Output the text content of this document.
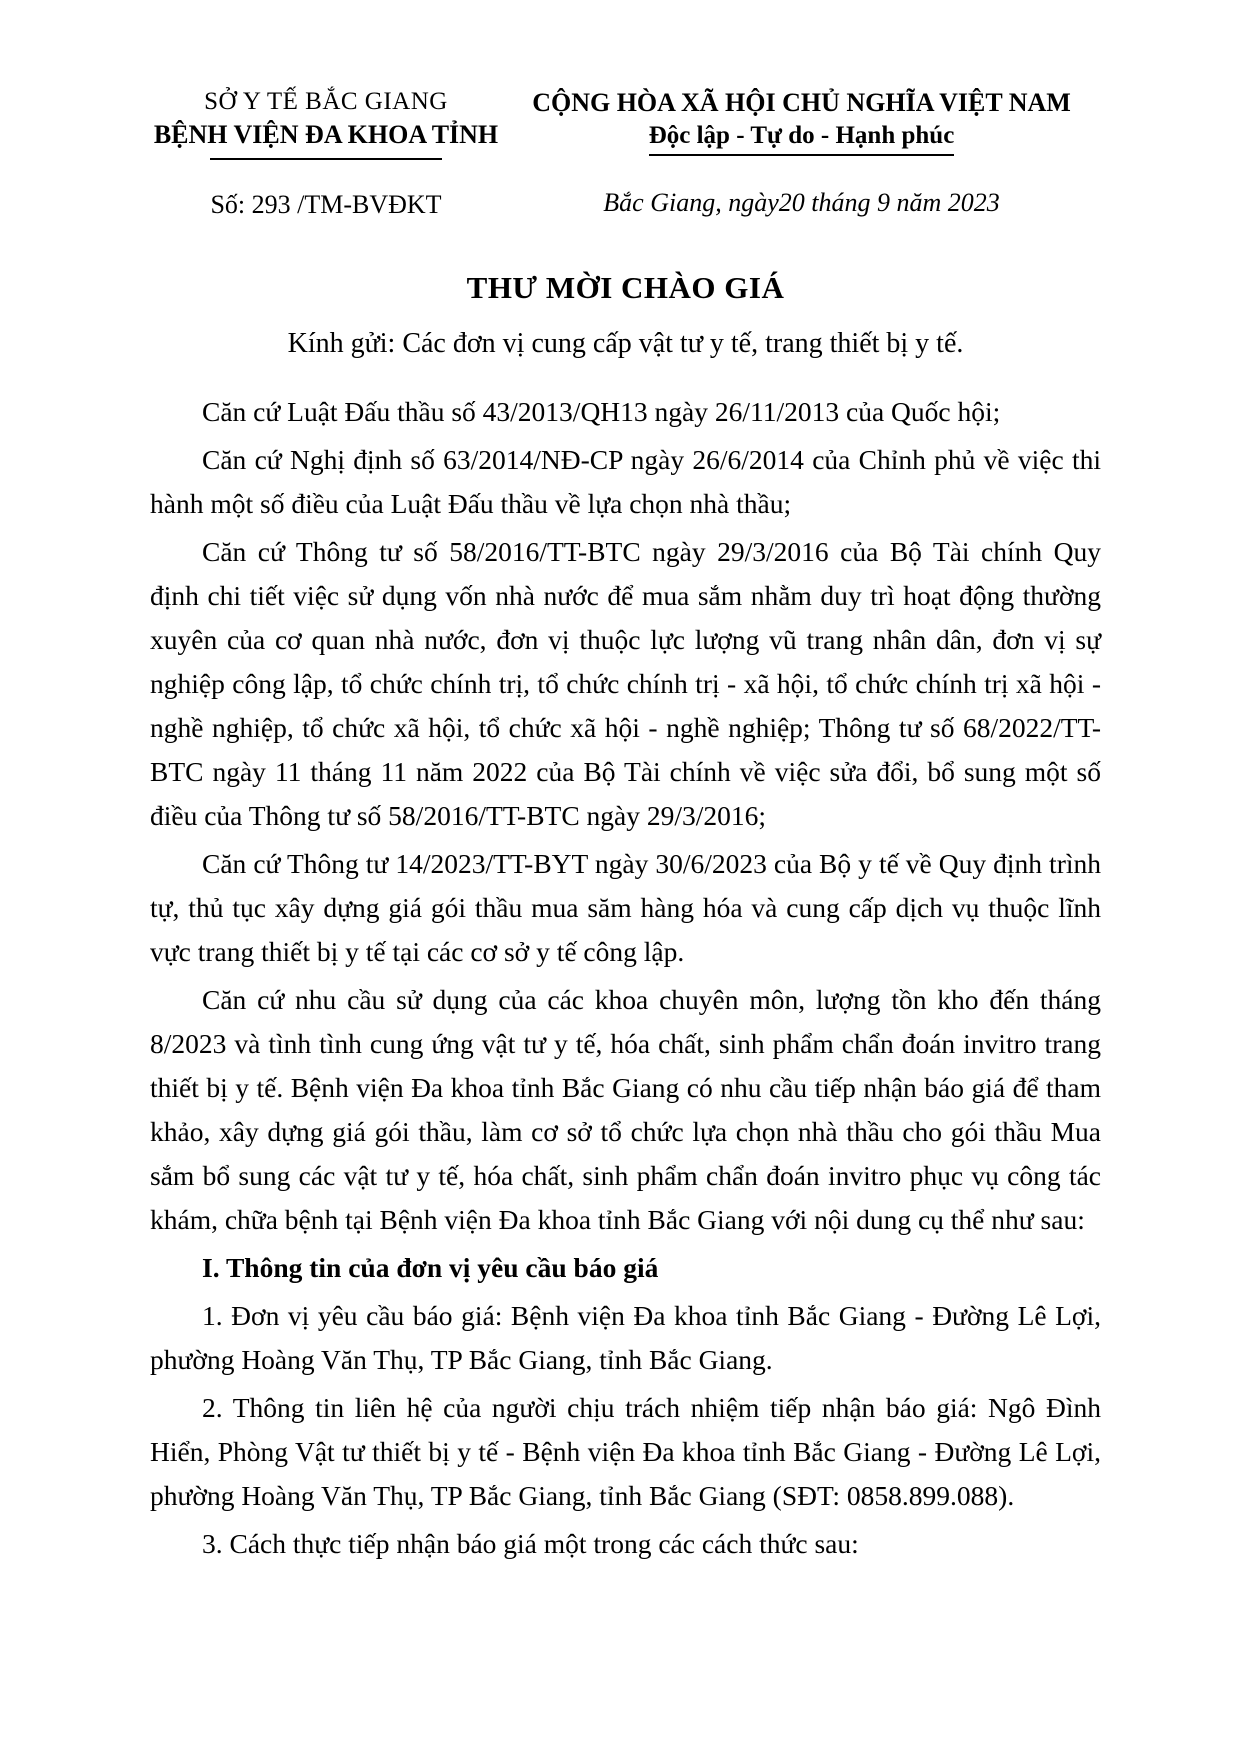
SỞ Y TẾ BẮC GIANG
BỆNH VIỆN ĐA KHOA TỈNH
Số: 293 /TM-BVĐKT
CỘNG HÒA XÃ HỘI CHỦ NGHĨA VIỆT NAM
Độc lập - Tự do - Hạnh phúc
Bắc Giang, ngày20 tháng 9 năm 2023
THƯ MỜI CHÀO GIÁ

Kính gửi: Các đơn vị cung cấp vật tư y tế, trang thiết bị y tế.

Căn cứ Luật Đấu thầu số 43/2013/QH13 ngày 26/11/2013 của Quốc hội;

Căn cứ Nghị định số 63/2014/NĐ-CP ngày 26/6/2014 của Chỉnh phủ về việc thi hành một số điều của Luật Đấu thầu về lựa chọn nhà thầu;

Căn cứ Thông tư số 58/2016/TT-BTC ngày 29/3/2016 của Bộ Tài chính Quy định chi tiết việc sử dụng vốn nhà nước để mua sắm nhằm duy trì hoạt động thường xuyên của cơ quan nhà nước, đơn vị thuộc lực lượng vũ trang nhân dân, đơn vị sự nghiệp công lập, tổ chức chính trị, tổ chức chính trị - xã hội, tổ chức chính trị xã hội - nghề nghiệp, tổ chức xã hội, tổ chức xã hội - nghề nghiệp; Thông tư số 68/2022/TT-BTC ngày 11 tháng 11 năm 2022 của Bộ Tài chính về việc sửa đổi, bổ sung một số điều của Thông tư số 58/2016/TT-BTC ngày 29/3/2016;

Căn cứ Thông tư 14/2023/TT-BYT ngày 30/6/2023 của Bộ y tế về Quy định trình tự, thủ tục xây dựng giá gói thầu mua săm hàng hóa và cung cấp dịch vụ thuộc lĩnh vực trang thiết bị y tế tại các cơ sở y tế công lập.

Căn cứ nhu cầu sử dụng của các khoa chuyên môn, lượng tồn kho đến tháng 8/2023 và tình tình cung ứng vật tư y tế, hóa chất, sinh phẩm chẩn đoán invitro trang thiết bị y tế. Bệnh viện Đa khoa tỉnh Bắc Giang có nhu cầu tiếp nhận báo giá để tham khảo, xây dựng giá gói thầu, làm cơ sở tổ chức lựa chọn nhà thầu cho gói thầu Mua sắm bổ sung các vật tư y tế, hóa chất, sinh phẩm chẩn đoán invitro phục vụ công tác khám, chữa bệnh tại Bệnh viện Đa khoa tỉnh Bắc Giang với nội dung cụ thể như sau:

I. Thông tin của đơn vị yêu cầu báo giá

1. Đơn vị yêu cầu báo giá: Bệnh viện Đa khoa tỉnh Bắc Giang - Đường Lê Lợi, phường Hoàng Văn Thụ, TP Bắc Giang, tỉnh Bắc Giang.

2. Thông tin liên hệ của người chịu trách nhiệm tiếp nhận báo giá: Ngô Đình Hiển, Phòng Vật tư thiết bị y tế - Bệnh viện Đa khoa tỉnh Bắc Giang - Đường Lê Lợi, phường Hoàng Văn Thụ, TP Bắc Giang, tỉnh Bắc Giang (SĐT: 0858.899.088).

3. Cách thực tiếp nhận báo giá một trong các cách thức sau:
